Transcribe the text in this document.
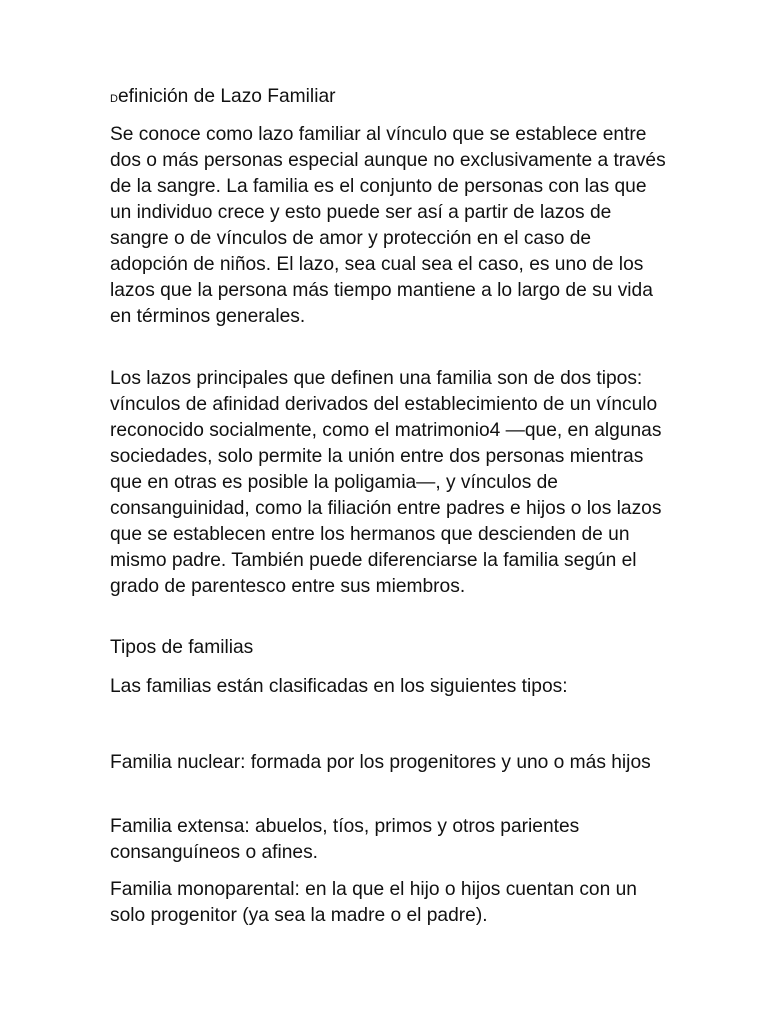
Definición de Lazo Familiar

Se conoce como lazo familiar al vínculo que se establece entre dos o más personas especial aunque no exclusivamente a través de la sangre. La familia es el conjunto de personas con las que un individuo crece y esto puede ser así a partir de lazos de sangre o de vínculos de amor y protección en el caso de adopción de niños. El lazo, sea cual sea el caso, es uno de los lazos que la persona más tiempo mantiene a lo largo de su vida en términos generales.

Los lazos principales que definen una familia son de dos tipos: vínculos de afinidad derivados del establecimiento de un vínculo reconocido socialmente, como el matrimonio4 —que, en algunas sociedades, solo permite la unión entre dos personas mientras que en otras es posible la poligamia—, y vínculos de consanguinidad, como la filiación entre padres e hijos o los lazos que se establecen entre los hermanos que descienden de un mismo padre. También puede diferenciarse la familia según el grado de parentesco entre sus miembros.

Tipos de familias

Las familias están clasificadas en los siguientes tipos:

Familia nuclear: formada por los progenitores y uno o más hijos

Familia extensa: abuelos, tíos, primos y otros parientes consanguíneos o afines.

Familia monoparental: en la que el hijo o hijos cuentan con un solo progenitor (ya sea la madre o el padre).
